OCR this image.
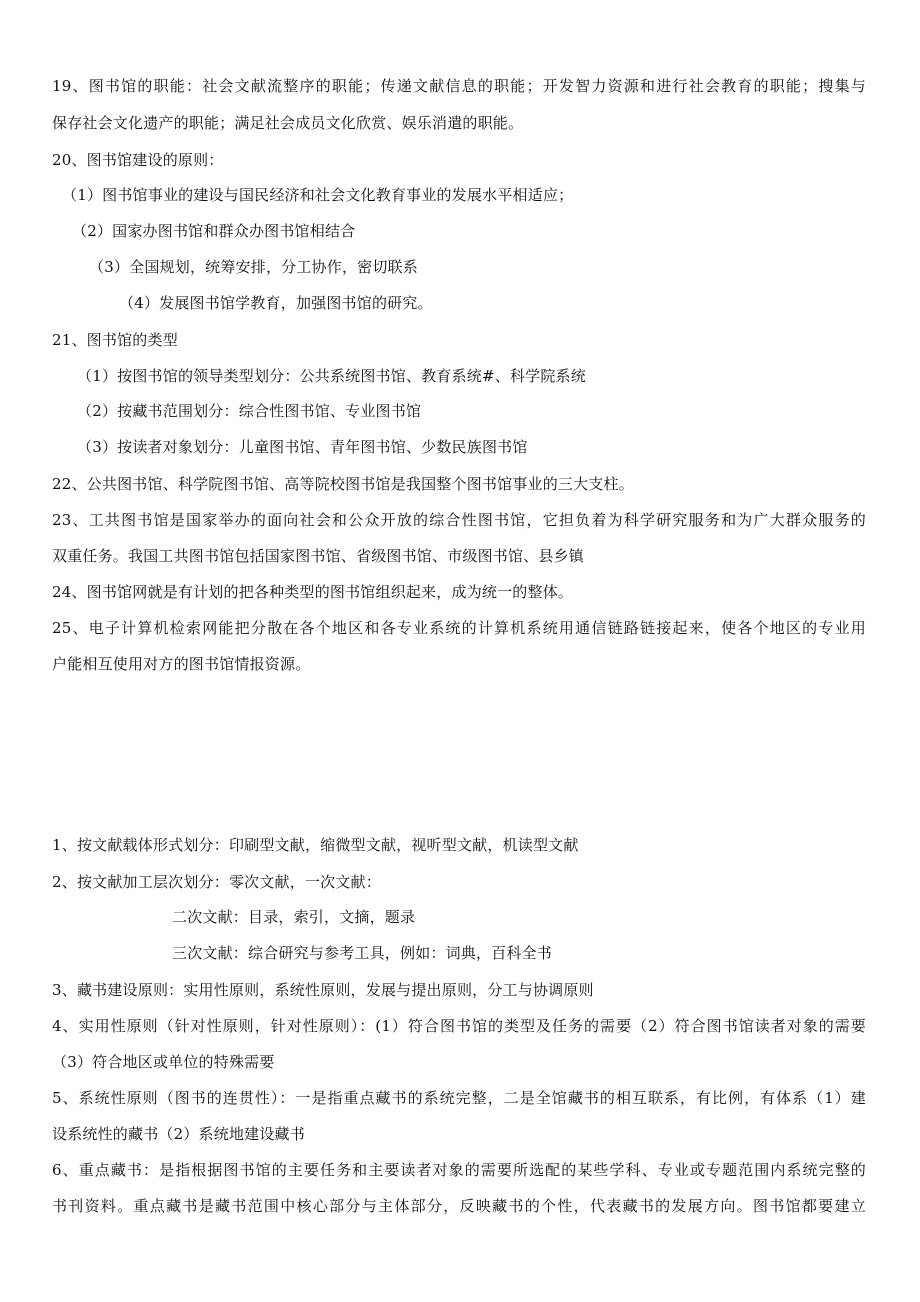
19、图书馆的职能：社会文献流整序的职能；传递文献信息的职能；开发智力资源和进行社会教育的职能；搜集与
保存社会文化遗产的职能；满足社会成员文化欣赏、娱乐消遣的职能。
20、图书馆建设的原则：
（1）图书馆事业的建设与国民经济和社会文化教育事业的发展水平相适应；
（2）国家办图书馆和群众办图书馆相结合
（3）全国规划，统筹安排，分工协作，密切联系
（4）发展图书馆学教育，加强图书馆的研究。
21、图书馆的类型
（1）按图书馆的领导类型划分：公共系统图书馆、教育系统#、科学院系统
（2）按藏书范围划分：综合性图书馆、专业图书馆
（3）按读者对象划分：儿童图书馆、青年图书馆、少数民族图书馆
22、公共图书馆、科学院图书馆、高等院校图书馆是我国整个图书馆事业的三大支柱。
23、工共图书馆是国家举办的面向社会和公众开放的综合性图书馆，它担负着为科学研究服务和为广大群众服务的
双重任务。我国工共图书馆包括国家图书馆、省级图书馆、市级图书馆、县乡镇
24、图书馆网就是有计划的把各种类型的图书馆组织起来，成为统一的整体。
25、电子计算机检索网能把分散在各个地区和各专业系统的计算机系统用通信链路链接起来，使各个地区的专业用
户能相互使用对方的图书馆情报资源。
1、按文献载体形式划分：印刷型文献，缩微型文献，视听型文献，机读型文献
2、按文献加工层次划分：零次文献，一次文献：
二次文献：目录，索引，文摘，题录
三次文献：综合研究与参考工具，例如：词典，百科全书
3、藏书建设原则：实用性原则，系统性原则，发展与提出原则，分工与协调原则
4、实用性原则（针对性原则，针对性原则）：(1）符合图书馆的类型及任务的需要（2）符合图书馆读者对象的需要
（3）符合地区或单位的特殊需要
5、系统性原则（图书的连贯性）：一是指重点藏书的系统完整，二是全馆藏书的相互联系，有比例，有体系（1）建
设系统性的藏书（2）系统地建设藏书
6、重点藏书：是指根据图书馆的主要任务和主要读者对象的需要所选配的某些学科、专业或专题范围内系统完整的
书刊资料。重点藏书是藏书范围中核心部分与主体部分，反映藏书的个性，代表藏书的发展方向。图书馆都要建立
